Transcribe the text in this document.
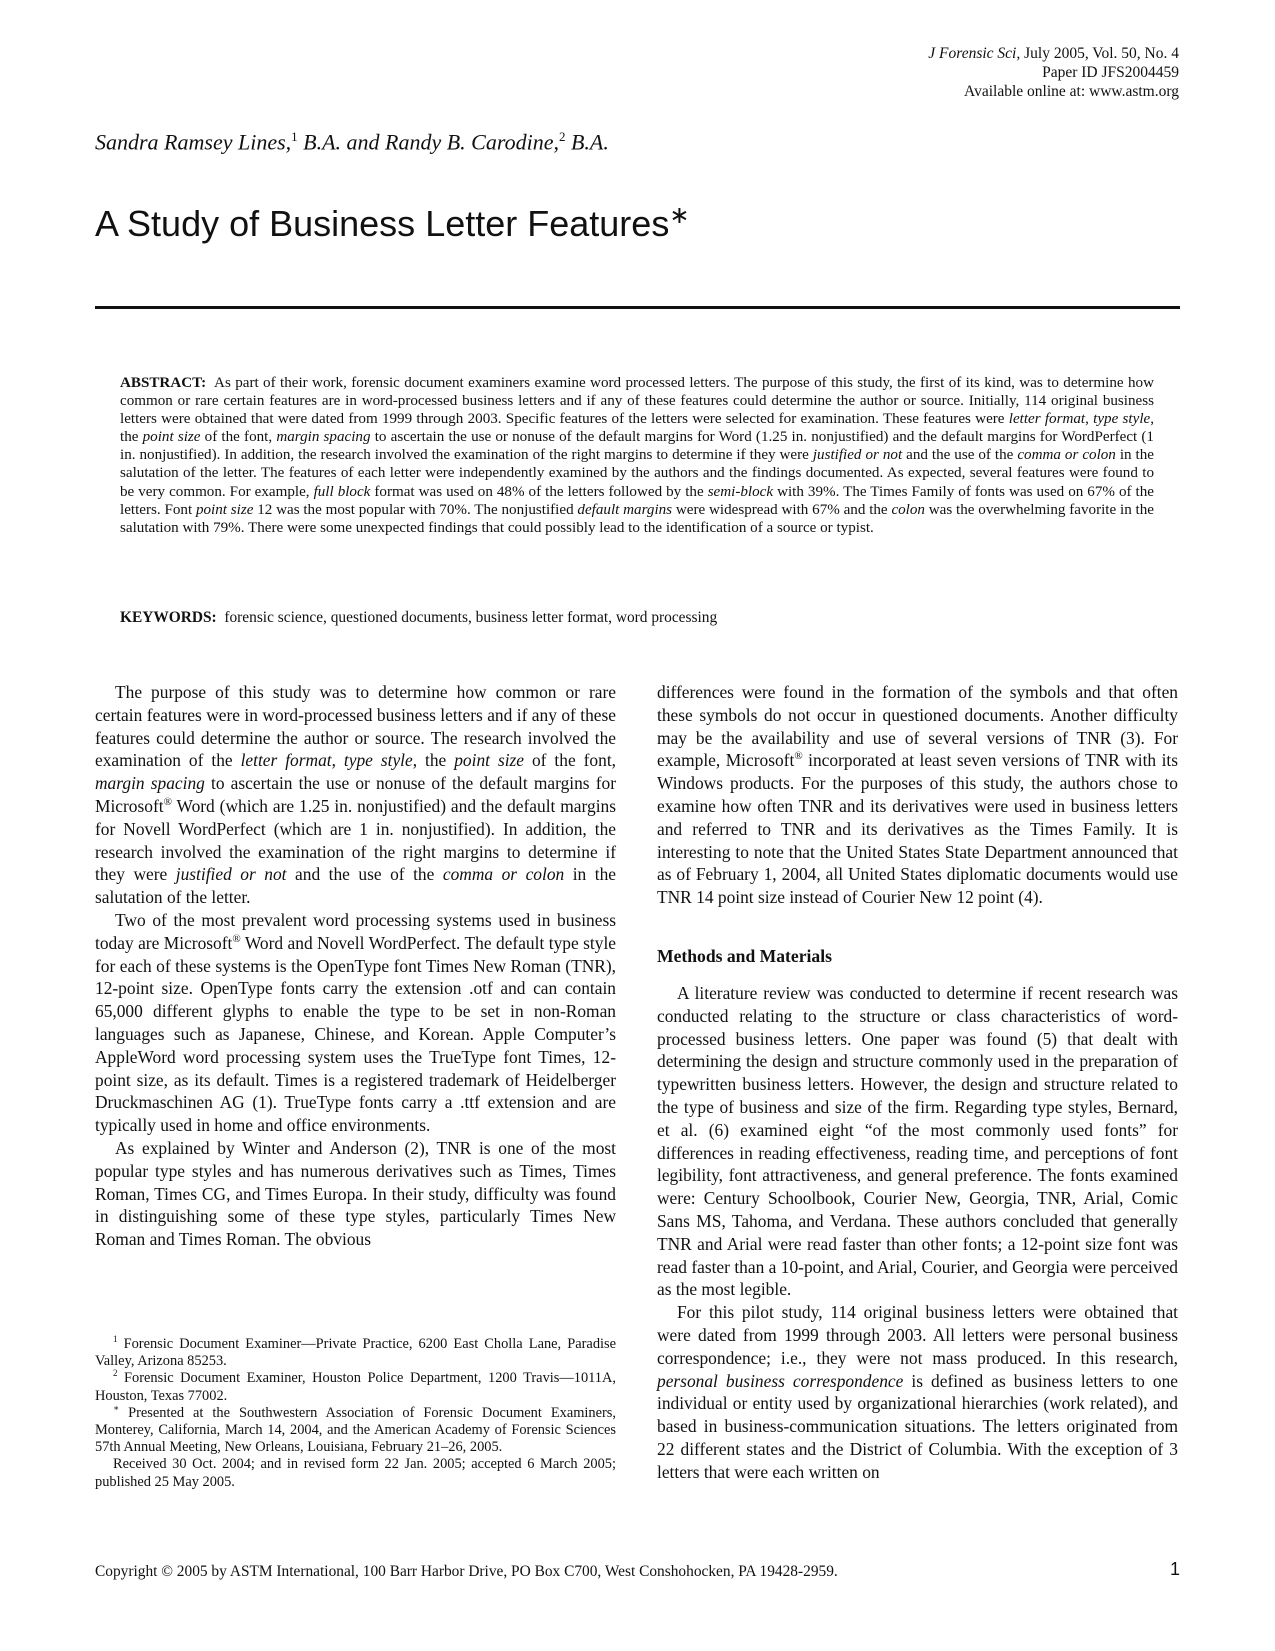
J Forensic Sci, July 2005, Vol. 50, No. 4
Paper ID JFS2004459
Available online at: www.astm.org
Sandra Ramsey Lines,$^1$ B.A. and Randy B. Carodine,$^2$ B.A.
A Study of Business Letter Features∗

ABSTRACT: As part of their work, forensic document examiners examine word processed letters. The purpose of this study, the first of its kind, was to determine how common or rare certain features are in word-processed business letters and if any of these features could determine the author or source. Initially, 114 original business letters were obtained that were dated from 1999 through 2003. Specific features of the letters were selected for examination. These features were letter format, type style, the point size of the font, margin spacing to ascertain the use or nonuse of the default margins for Word (1.25 in. nonjustified) and the default margins for WordPerfect (1 in. nonjustified). In addition, the research involved the examination of the right margins to determine if they were justified or not and the use of the comma or colon in the salutation of the letter. The features of each letter were independently examined by the authors and the findings documented. As expected, several features were found to be very common. For example, full block format was used on 48% of the letters followed by the semi-block with 39%. The Times Family of fonts was used on 67% of the letters. Font point size 12 was the most popular with 70%. The nonjustified default margins were widespread with 67% and the colon was the overwhelming favorite in the salutation with 79%. There were some unexpected findings that could possibly lead to the identification of a source or typist.

KEYWORDS: forensic science, questioned documents, business letter format, word processing

The purpose of this study was to determine how common or rare certain features were in word-processed business letters and if any of these features could determine the author or source. The research involved the examination of the letter format, type style, the point size of the font, margin spacing to ascertain the use or nonuse of the default margins for Microsoft® Word (which are 1.25 in. nonjustified) and the default margins for Novell WordPerfect (which are 1 in. nonjustified). In addition, the research involved the examination of the right margins to determine if they were justified or not and the use of the comma or colon in the salutation of the letter.

Two of the most prevalent word processing systems used in business today are Microsoft® Word and Novell WordPerfect. The default type style for each of these systems is the OpenType font Times New Roman (TNR), 12-point size. OpenType fonts carry the extension .otf and can contain 65,000 different glyphs to enable the type to be set in non-Roman languages such as Japanese, Chinese, and Korean. Apple Computer’s AppleWord word processing system uses the TrueType font Times, 12-point size, as its default. Times is a registered trademark of Heidelberger Druckmaschinen AG (1). TrueType fonts carry a .ttf extension and are typically used in home and office environments.

As explained by Winter and Anderson (2), TNR is one of the most popular type styles and has numerous derivatives such as Times, Times Roman, Times CG, and Times Europa. In their study, difficulty was found in distinguishing some of these type styles, particularly Times New Roman and Times Roman. The obvious

$^1$ Forensic Document Examiner—Private Practice, 6200 East Cholla Lane, Paradise Valley, Arizona 85253.

$^2$ Forensic Document Examiner, Houston Police Department, 1200 Travis—1011A, Houston, Texas 77002.

∗ Presented at the Southwestern Association of Forensic Document Examiners, Monterey, California, March 14, 2004, and the American Academy of Forensic Sciences 57th Annual Meeting, New Orleans, Louisiana, February 21–26, 2005.

Received 30 Oct. 2004; and in revised form 22 Jan. 2005; accepted 6 March 2005; published 25 May 2005.

differences were found in the formation of the symbols and that often these symbols do not occur in questioned documents. Another difficulty may be the availability and use of several versions of TNR (3). For example, Microsoft® incorporated at least seven versions of TNR with its Windows products. For the purposes of this study, the authors chose to examine how often TNR and its derivatives were used in business letters and referred to TNR and its derivatives as the Times Family. It is interesting to note that the United States State Department announced that as of February 1, 2004, all United States diplomatic documents would use TNR 14 point size instead of Courier New 12 point (4).

Methods and Materials

A literature review was conducted to determine if recent research was conducted relating to the structure or class characteristics of word-processed business letters. One paper was found (5) that dealt with determining the design and structure commonly used in the preparation of typewritten business letters. However, the design and structure related to the type of business and size of the firm. Regarding type styles, Bernard, et al. (6) examined eight “of the most commonly used fonts” for differences in reading effectiveness, reading time, and perceptions of font legibility, font attractiveness, and general preference. The fonts examined were: Century Schoolbook, Courier New, Georgia, TNR, Arial, Comic Sans MS, Tahoma, and Verdana. These authors concluded that generally TNR and Arial were read faster than other fonts; a 12-point size font was read faster than a 10-point, and Arial, Courier, and Georgia were perceived as the most legible.

For this pilot study, 114 original business letters were obtained that were dated from 1999 through 2003. All letters were personal business correspondence; i.e., they were not mass produced. In this research, personal business correspondence is defined as business letters to one individual or entity used by organizational hierarchies (work related), and based in business-communication situations. The letters originated from 22 different states and the District of Columbia. With the exception of 3 letters that were each written on

Copyright © 2005 by ASTM International, 100 Barr Harbor Drive, PO Box C700, West Conshohocken, PA 19428-2959.	1
